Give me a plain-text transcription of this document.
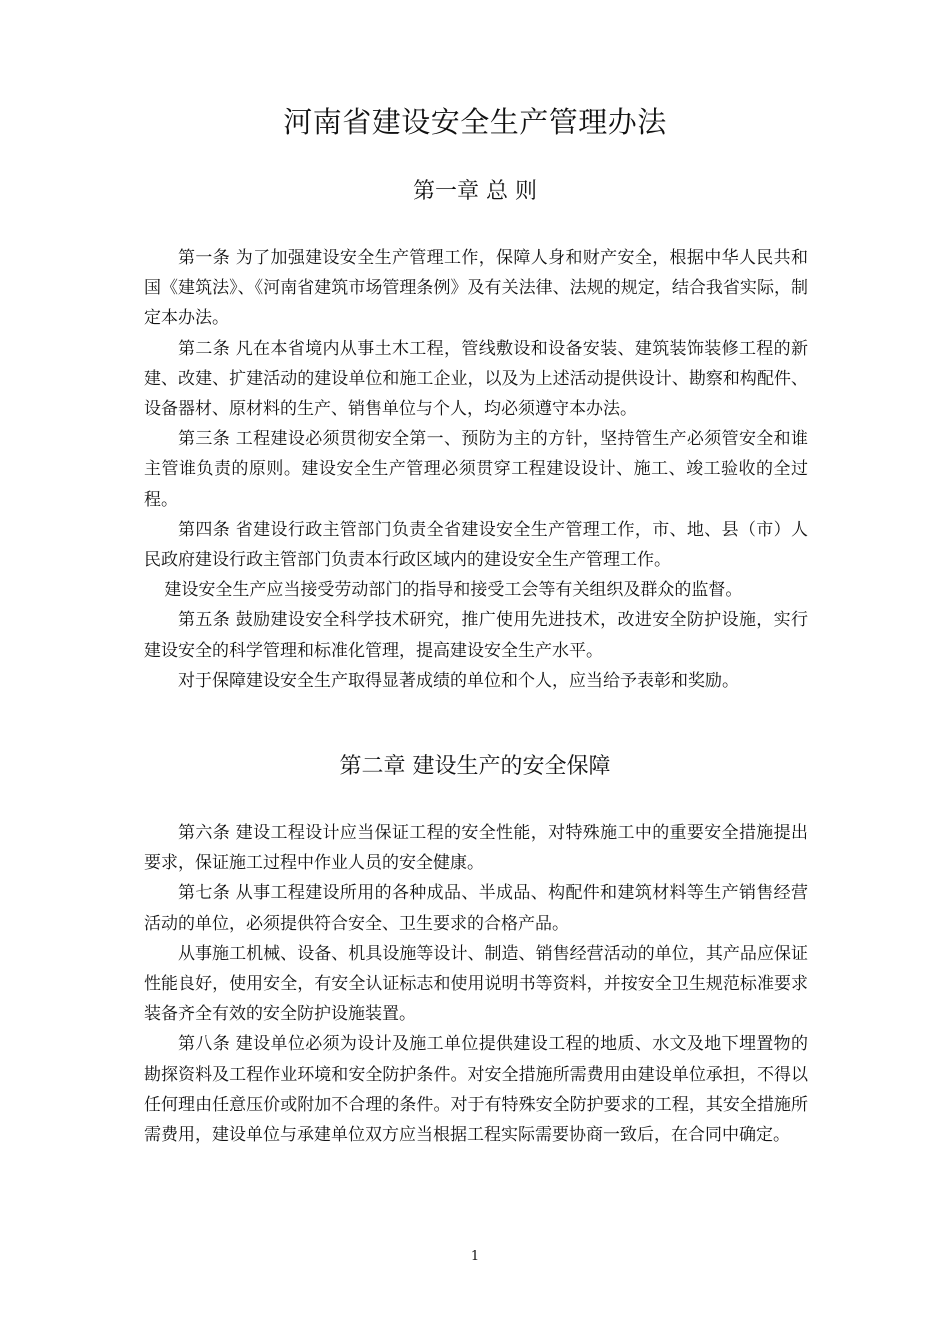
河南省建设安全生产管理办法
第一章 总 则

第一条 为了加强建设安全生产管理工作，保障人身和财产安全，根据中华人民共和国《建筑法》、《河南省建筑市场管理条例》及有关法律、法规的规定，结合我省实际，制定本办法。

第二条 凡在本省境内从事土木工程，管线敷设和设备安装、建筑装饰装修工程的新建、改建、扩建活动的建设单位和施工企业，以及为上述活动提供设计、勘察和构配件、设备器材、原材料的生产、销售单位与个人，均必须遵守本办法。

第三条 工程建设必须贯彻安全第一、预防为主的方针，坚持管生产必须管安全和谁主管谁负责的原则。建设安全生产管理必须贯穿工程建设设计、施工、竣工验收的全过程。

第四条 省建设行政主管部门负责全省建设安全生产管理工作，市、地、县（市）人民政府建设行政主管部门负责本行政区域内的建设安全生产管理工作。

建设安全生产应当接受劳动部门的指导和接受工会等有关组织及群众的监督。

第五条 鼓励建设安全科学技术研究，推广使用先进技术，改进安全防护设施，实行建设安全的科学管理和标准化管理，提高建设安全生产水平。

对于保障建设安全生产取得显著成绩的单位和个人，应当给予表彰和奖励。

第二章 建设生产的安全保障

第六条 建设工程设计应当保证工程的安全性能，对特殊施工中的重要安全措施提出要求，保证施工过程中作业人员的安全健康。

第七条 从事工程建设所用的各种成品、半成品、构配件和建筑材料等生产销售经营活动的单位，必须提供符合安全、卫生要求的合格产品。

从事施工机械、设备、机具设施等设计、制造、销售经营活动的单位，其产品应保证性能良好，使用安全，有安全认证标志和使用说明书等资料，并按安全卫生规范标准要求装备齐全有效的安全防护设施装置。

第八条 建设单位必须为设计及施工单位提供建设工程的地质、水文及地下埋置物的勘探资料及工程作业环境和安全防护条件。对安全措施所需费用由建设单位承担，不得以任何理由任意压价或附加不合理的条件。对于有特殊安全防护要求的工程，其安全措施所需费用，建设单位与承建单位双方应当根据工程实际需要协商一致后，在合同中确定。

1
